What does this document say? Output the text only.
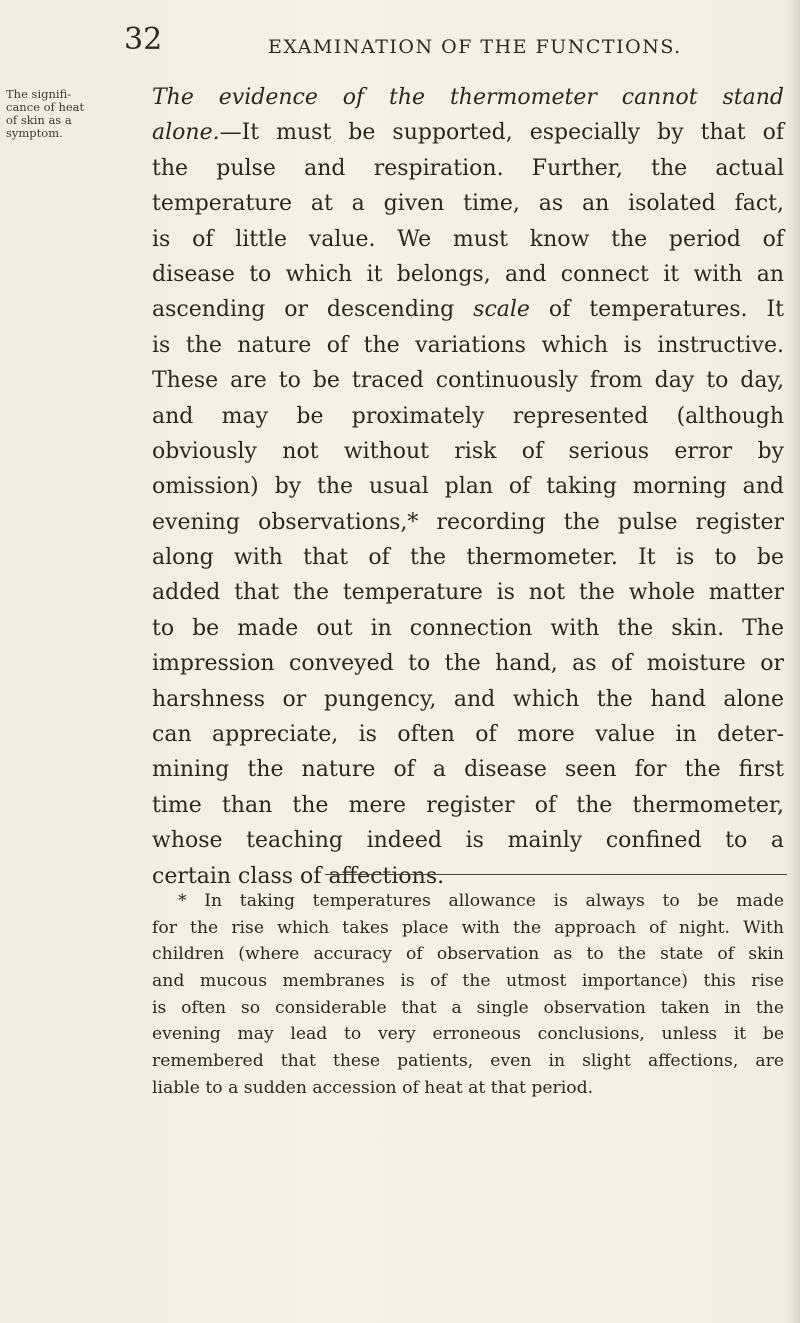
32	EXAMINATION OF THE FUNCTIONS.
The signifi-
cance of heat
of skin as a
symptom.
The evidence of the thermometer cannot stand
alone.—It must be supported, especially by that of
the pulse and respiration. Further, the actual
temperature at a given time, as an isolated fact,
is of little value. We must know the period of
disease to which it belongs, and connect it with an
ascending or descending scale of temperatures. It
is the nature of the variations which is instructive.
These are to be traced continuously from day to day,
and may be proximately represented (although
obviously not without risk of serious error by
omission) by the usual plan of taking morning and
evening observations,* recording the pulse register
along with that of the thermometer. It is to be
added that the temperature is not the whole matter
to be made out in connection with the skin. The
impression conveyed to the hand, as of moisture or
harshness or pungency, and which the hand alone
can appreciate, is often of more value in deter-
mining the nature of a disease seen for the first
time than the mere register of the thermometer,
whose teaching indeed is mainly confined to a
certain class of affections.
* In taking temperatures allowance is always to be made
for the rise which takes place with the approach of night. With
children (where accuracy of observation as to the state of skin
and mucous membranes is of the utmost importance) this rise
is often so considerable that a single observation taken in the
evening may lead to very erroneous conclusions, unless it be
remembered that these patients, even in slight affections, are
liable to a sudden accession of heat at that period.
